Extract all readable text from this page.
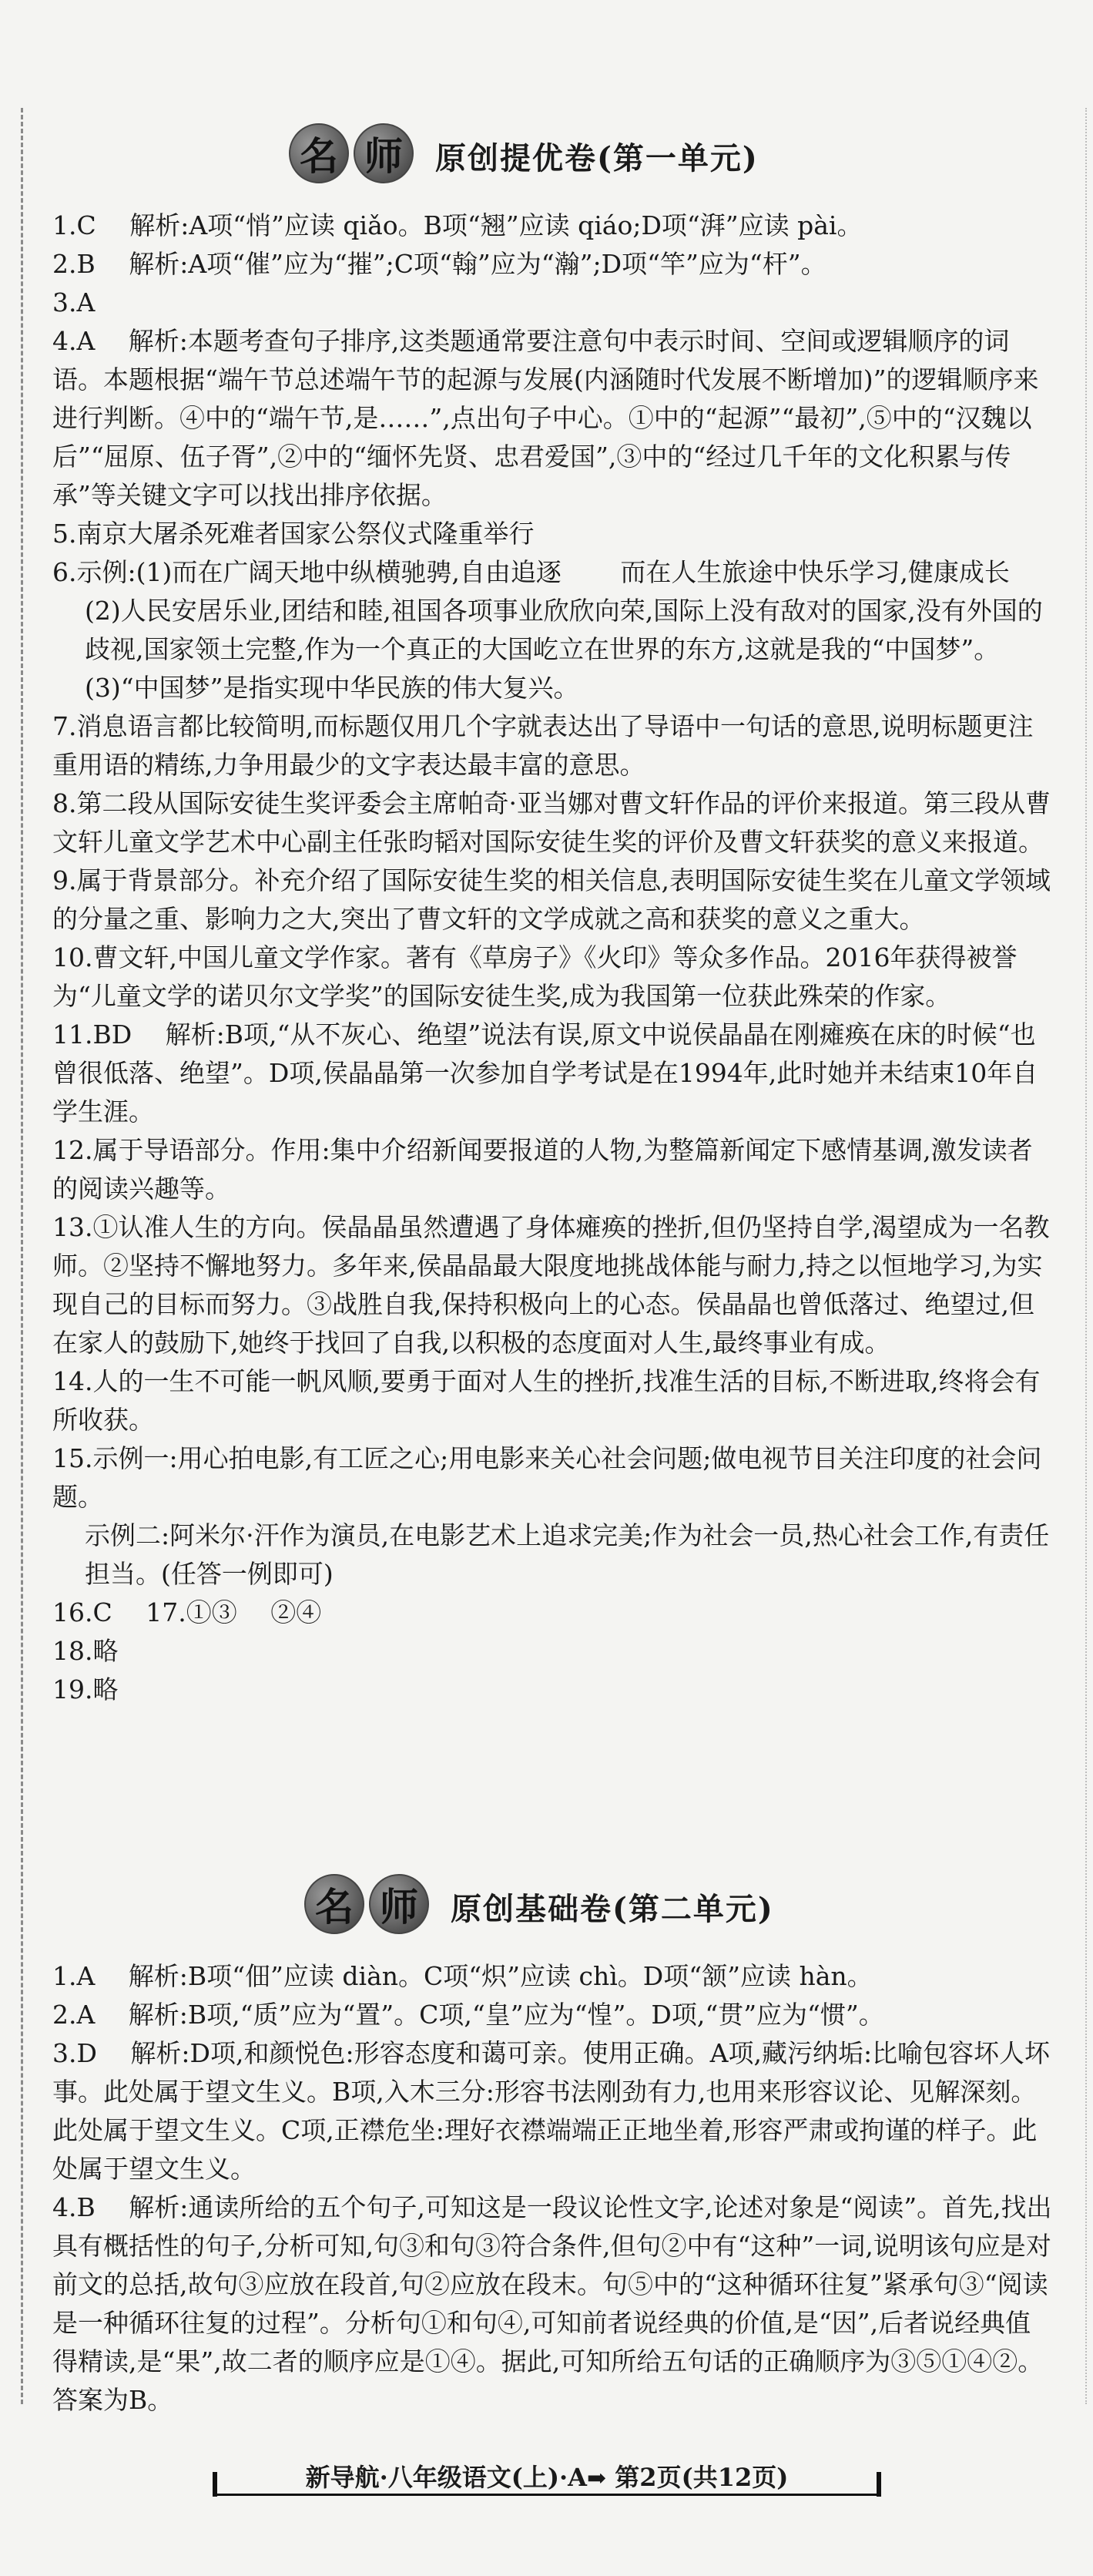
名 师	原创提优卷(第一单元)

1.C　 解析:A项“悄”应读 qiǎo。B项“翘”应读 qiáo;D项“湃”应读 pài。

2.B　 解析:A项“催”应为“摧”;C项“翰”应为“瀚”;D项“竿”应为“杆”。

3.A

4.A　 解析:本题考查句子排序,这类题通常要注意句中表示时间、空间或逻辑顺序的词语。本题根据“端午节总述端午节的起源与发展(内涵随时代发展不断增加)”的逻辑顺序来进行判断。④中的“端午节,是……”,点出句子中心。①中的“起源”“最初”,⑤中的“汉魏以后”“屈原、伍子胥”,②中的“缅怀先贤、忠君爱国”,③中的“经过几千年的文化积累与传承”等关键文字可以找出排序依据。

5.南京大屠杀死难者国家公祭仪式隆重举行

6.示例:(1)而在广阔天地中纵横驰骋,自由追逐　　 而在人生旅途中快乐学习,健康成长

(2)人民安居乐业,团结和睦,祖国各项事业欣欣向荣,国际上没有敌对的国家,没有外国的歧视,国家领土完整,作为一个真正的大国屹立在世界的东方,这就是我的“中国梦”。

(3)“中国梦”是指实现中华民族的伟大复兴。

7.消息语言都比较简明,而标题仅用几个字就表达出了导语中一句话的意思,说明标题更注重用语的精练,力争用最少的文字表达最丰富的意思。

8.第二段从国际安徒生奖评委会主席帕奇·亚当娜对曹文轩作品的评价来报道。第三段从曹文轩儿童文学艺术中心副主任张昀韬对国际安徒生奖的评价及曹文轩获奖的意义来报道。

9.属于背景部分。补充介绍了国际安徒生奖的相关信息,表明国际安徒生奖在儿童文学领域的分量之重、影响力之大,突出了曹文轩的文学成就之高和获奖的意义之重大。

10.曹文轩,中国儿童文学作家。著有《草房子》《火印》等众多作品。2016年获得被誉为“儿童文学的诺贝尔文学奖”的国际安徒生奖,成为我国第一位获此殊荣的作家。

11.BD　 解析:B项,“从不灰心、绝望”说法有误,原文中说侯晶晶在刚瘫痪在床的时候“也曾很低落、绝望”。D项,侯晶晶第一次参加自学考试是在1994年,此时她并未结束10年自学生涯。

12.属于导语部分。作用:集中介绍新闻要报道的人物,为整篇新闻定下感情基调,激发读者的阅读兴趣等。

13.①认准人生的方向。侯晶晶虽然遭遇了身体瘫痪的挫折,但仍坚持自学,渴望成为一名教师。②坚持不懈地努力。多年来,侯晶晶最大限度地挑战体能与耐力,持之以恒地学习,为实现自己的目标而努力。③战胜自我,保持积极向上的心态。侯晶晶也曾低落过、绝望过,但在家人的鼓励下,她终于找回了自我,以积极的态度面对人生,最终事业有成。

14.人的一生不可能一帆风顺,要勇于面对人生的挫折,找准生活的目标,不断进取,终将会有所收获。

15.示例一:用心拍电影,有工匠之心;用电影来关心社会问题;做电视节目关注印度的社会问题。

示例二:阿米尔·汗作为演员,在电影艺术上追求完美;作为社会一员,热心社会工作,有责任担当。(任答一例即可)

16.C　 17.①③　 ②④

18.略

19.略

名 师	原创基础卷(第二单元)

1.A　 解析:B项“佃”应读 diàn。C项“炽”应读 chì。D项“颔”应读 hàn。

2.A　 解析:B项,“质”应为“置”。C项,“皇”应为“惶”。D项,“贯”应为“惯”。

3.D　 解析:D项,和颜悦色:形容态度和蔼可亲。使用正确。A项,藏污纳垢:比喻包容坏人坏事。此处属于望文生义。B项,入木三分:形容书法刚劲有力,也用来形容议论、见解深刻。此处属于望文生义。C项,正襟危坐:理好衣襟端端正正地坐着,形容严肃或拘谨的样子。此处属于望文生义。

4.B　 解析:通读所给的五个句子,可知这是一段议论性文字,论述对象是“阅读”。首先,找出具有概括性的句子,分析可知,句③和句③符合条件,但句②中有“这种”一词,说明该句应是对前文的总括,故句③应放在段首,句②应放在段末。句⑤中的“这种循环往复”紧承句③“阅读是一种循环往复的过程”。分析句①和句④,可知前者说经典的价值,是“因”,后者说经典值得精读,是“果”,故二者的顺序应是①④。据此,可知所给五句话的正确顺序为③⑤①④②。答案为B。

新导航·八年级语文(上)·A➡ 第2页(共12页)
